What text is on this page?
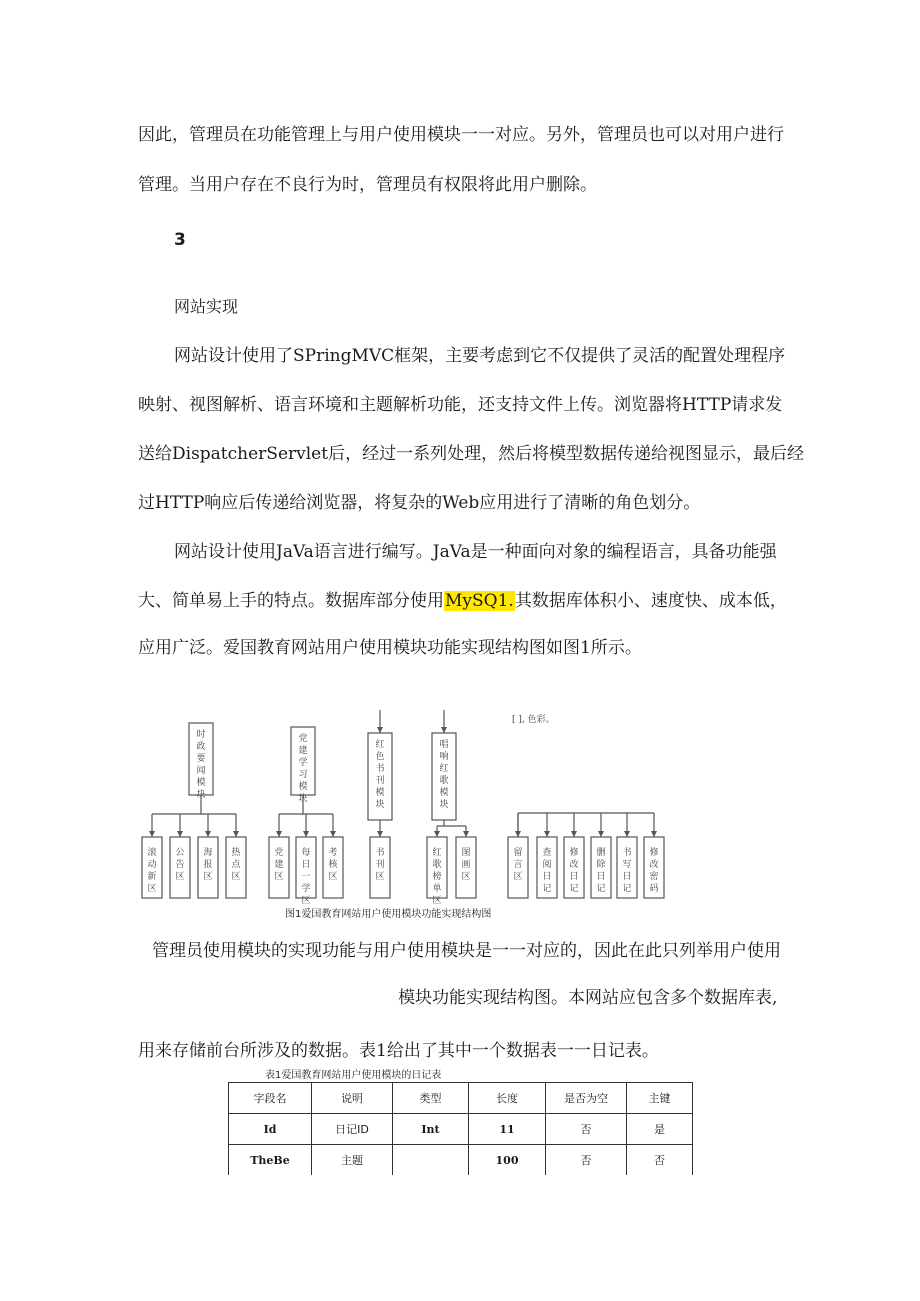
因此，管理员在功能管理上与用户使用模块一一对应。另外，管理员也可以对用户进行
管理。当用户存在不良行为时，管理员有权限将此用户删除。
3
网站实现
网站设计使用了SPringMVC框架，主要考虑到它不仅提供了灵活的配置处理程序
映射、视图解析、语言环境和主题解析功能，还支持文件上传。浏览器将HTTP请求发
送给DispatcherServlet后，经过一系列处理，然后将模型数据传递给视图显示，最后经
过HTTP响应后传递给浏览器，将复杂的Web应用进行了清晰的角色划分。
网站设计使用JaVa语言进行编写。JaVa是一种面向对象的编程语言，具备功能强
大、简单易上手的特点。数据库部分使用MySQ1.其数据库体积小、速度快、成本低，
应用广泛。爱国教育网站用户使用模块功能实现结构图如图1所示。
时
政
要
闻
模
块
滚
动
新
区
公
告
区
海
报
区
热
点
区
党
建
学
习
模
块
党
建
区
每
日
一
学
区
考
核
区
红
色
书
刊
模
块
书
刊
区
唱
响
红
歌
模
块
红
歌
榜
单
区
图
画
区
留
言
区
查
阅
日
记
修
改
日
记
删
除
日
记
书
写
日
记
修
改
密
码
[ ], 色彩。
图1爱国教育网站用户使用模块功能实现结构图
管理员使用模块的实现功能与用户使用模块是一一对应的，因此在此只列举用户使用
模块功能实现结构图。本网站应包含多个数据库表,
用来存储前台所涉及的数据。表1给出了其中一个数据表一一日记表。
表1爱国教育网站用户使用模块的日记表
字段名	说明	类型	长度	是否为空	主键
Id	日记ID	Int	11	否	是
TheBe	主题		100	否	否
